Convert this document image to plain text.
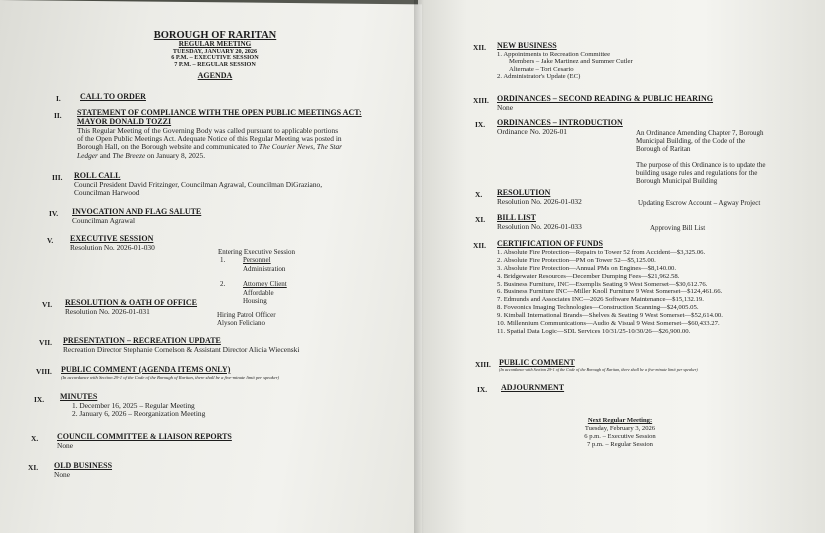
BOROUGH OF RARITAN
REGULAR MEETING
TUESDAY, JANUARY 20, 2026
6 P.M. – EXECUTIVE SESSION
7 P.M. – REGULAR SESSION
AGENDA
I. CALL TO ORDER
II. STATEMENT OF COMPLIANCE WITH THE OPEN PUBLIC MEETINGS ACT:
MAYOR DONALD TOZZI
This Regular Meeting of the Governing Body was called pursuant to applicable portions
of the Open Public Meetings Act. Adequate Notice of this Regular Meeting was posted in
Borough Hall, on the Borough website and communicated to The Courier News, The Star
Ledger and The Breeze on January 8, 2025.
III. ROLL CALL
Council President David Fritzinger, Councilman Agrawal, Councilman DiGraziano,
Councilman Harwood
IV. INVOCATION AND FLAG SALUTE
Councilman Agrawal
V. EXECUTIVE SESSION
Resolution No. 2026-01-030
Entering Executive Session
1.	Personnel
Administration
2.	Attorney Client
Affordable Housing
VI. RESOLUTION & OATH OF OFFICE
Resolution No. 2026-01-031	Hiring Patrol Officer
Alyson Feliciano
VII. PRESENTATION – RECREATION UPDATE
Recreation Director Stephanie Cornelson & Assistant Director Alicia Wiecenski
VIII. PUBLIC COMMENT (AGENDA ITEMS ONLY)
(In accordance with Section 29-1 of the Code of the Borough of Raritan, there shall be a five-minute limit per speaker)
IX. MINUTES
1. December 16, 2025 – Regular Meeting
2. January 6, 2026 – Reorganization Meeting
X. COUNCIL COMMITTEE & LIAISON REPORTS
None
XI. OLD BUSINESS
None
XII. NEW BUSINESS
1. Appointments to Recreation Committee
Members – Jake Martinez and Summer Cutler
Alternate – Tori Cesario
2. Administrator's Update (EC)
XIII. ORDINANCES – SECOND READING & PUBLIC HEARING
None
IX. ORDINANCES – INTRODUCTION
Ordinance No. 2026-01	An Ordinance Amending Chapter 7, Borough
Municipal Building, of the Code of the
Borough of Raritan
The purpose of this Ordinance is to update the
building usage rules and regulations for the
Borough Municipal Building
X. RESOLUTION
Resolution No. 2026-01-032	Updating Escrow Account – Agway Project
XI. BILL LIST
Resolution No. 2026-01-033	Approving Bill List
XII. CERTIFICATION OF FUNDS
1. Absolute Fire Protection—Repairs to Tower 52 from Accident—$3,325.06.
2. Absolute Fire Protection—PM on Tower 52—$5,125.00.
3. Absolute Fire Protection—Annual PMs on Engines—$8,140.00.
4. Bridgewater Resources—December Dumping Fees—$21,962.58.
5. Business Furniture, INC—Exemplis Seating 9 West Somerset—$30,612.76.
6. Business Furniture INC—Miller Knoll Furniture 9 West Somerset—$124,461.66.
7. Edmunds and Associates INC—2026 Software Maintenance—$15,132.19.
8. Foveonics Imaging Technologies—Construction Scanning—$24,005.05.
9. Kimball International Brands—Shelves & Seating 9 West Somerset—$52,614.00.
10. Millennium Communications—Audio & Visual 9 West Somerset—$60,433.27.
11. Spatial Data Logic—SDL Services 10/31/25-10/30/26—$26,900.00.
XIII. PUBLIC COMMENT
(In accordance with Section 29-1 of the Code of the Borough of Raritan, there shall be a five-minute limit per speaker)
IX. ADJOURNMENT
Next Regular Meeting:
Tuesday, February 3, 2026
6 p.m. – Executive Session
7 p.m. – Regular Session
